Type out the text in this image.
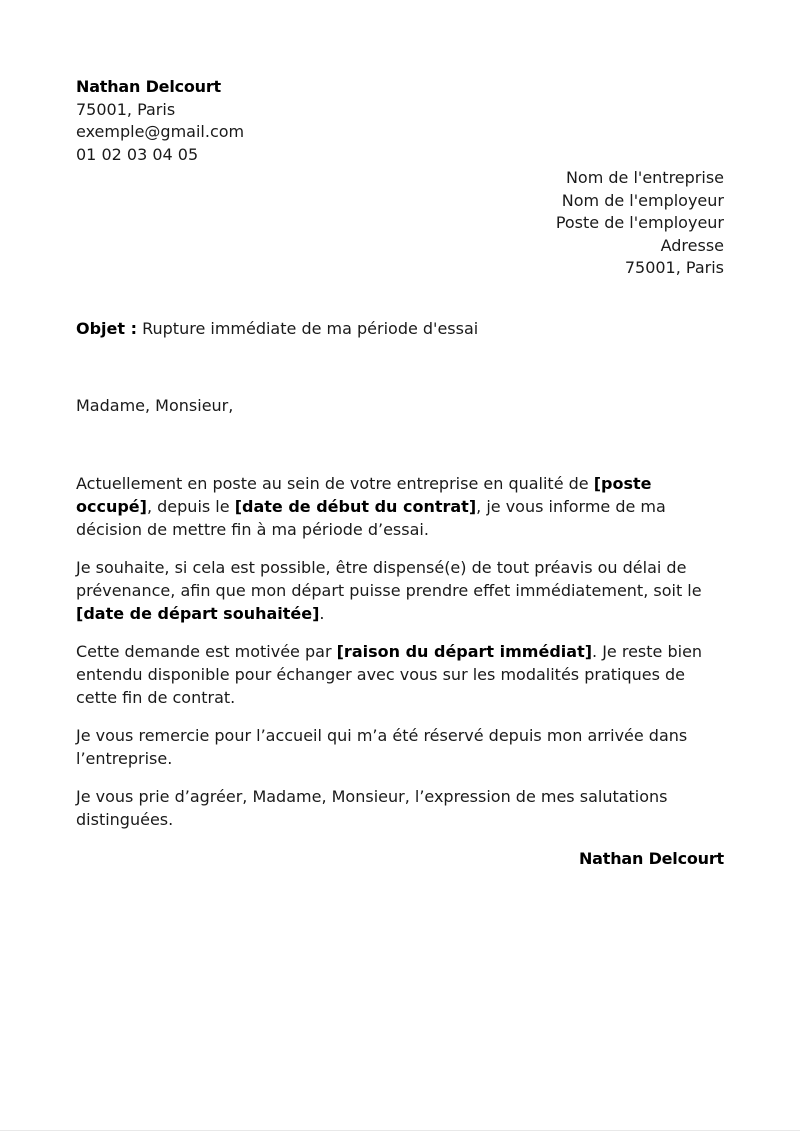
Nathan Delcourt
75001, Paris
exemple@gmail.com
01 02 03 04 05
Nom de l'entreprise
Nom de l'employeur
Poste de l'employeur
Adresse
75001, Paris
Objet : Rupture immédiate de ma période d'essai
Madame, Monsieur,

Actuellement en poste au sein de votre entreprise en qualité de [poste occupé], depuis le [date de début du contrat], je vous informe de ma décision de mettre fin à ma période d’essai.

Je souhaite, si cela est possible, être dispensé(e) de tout préavis ou délai de prévenance, afin que mon départ puisse prendre effet immédiatement, soit le [date de départ souhaitée].

Cette demande est motivée par [raison du départ immédiat]. Je reste bien entendu disponible pour échanger avec vous sur les modalités pratiques de cette fin de contrat.

Je vous remercie pour l’accueil qui m’a été réservé depuis mon arrivée dans l’entreprise.

Je vous prie d’agréer, Madame, Monsieur, l’expression de mes salutations distinguées.

Nathan Delcourt
